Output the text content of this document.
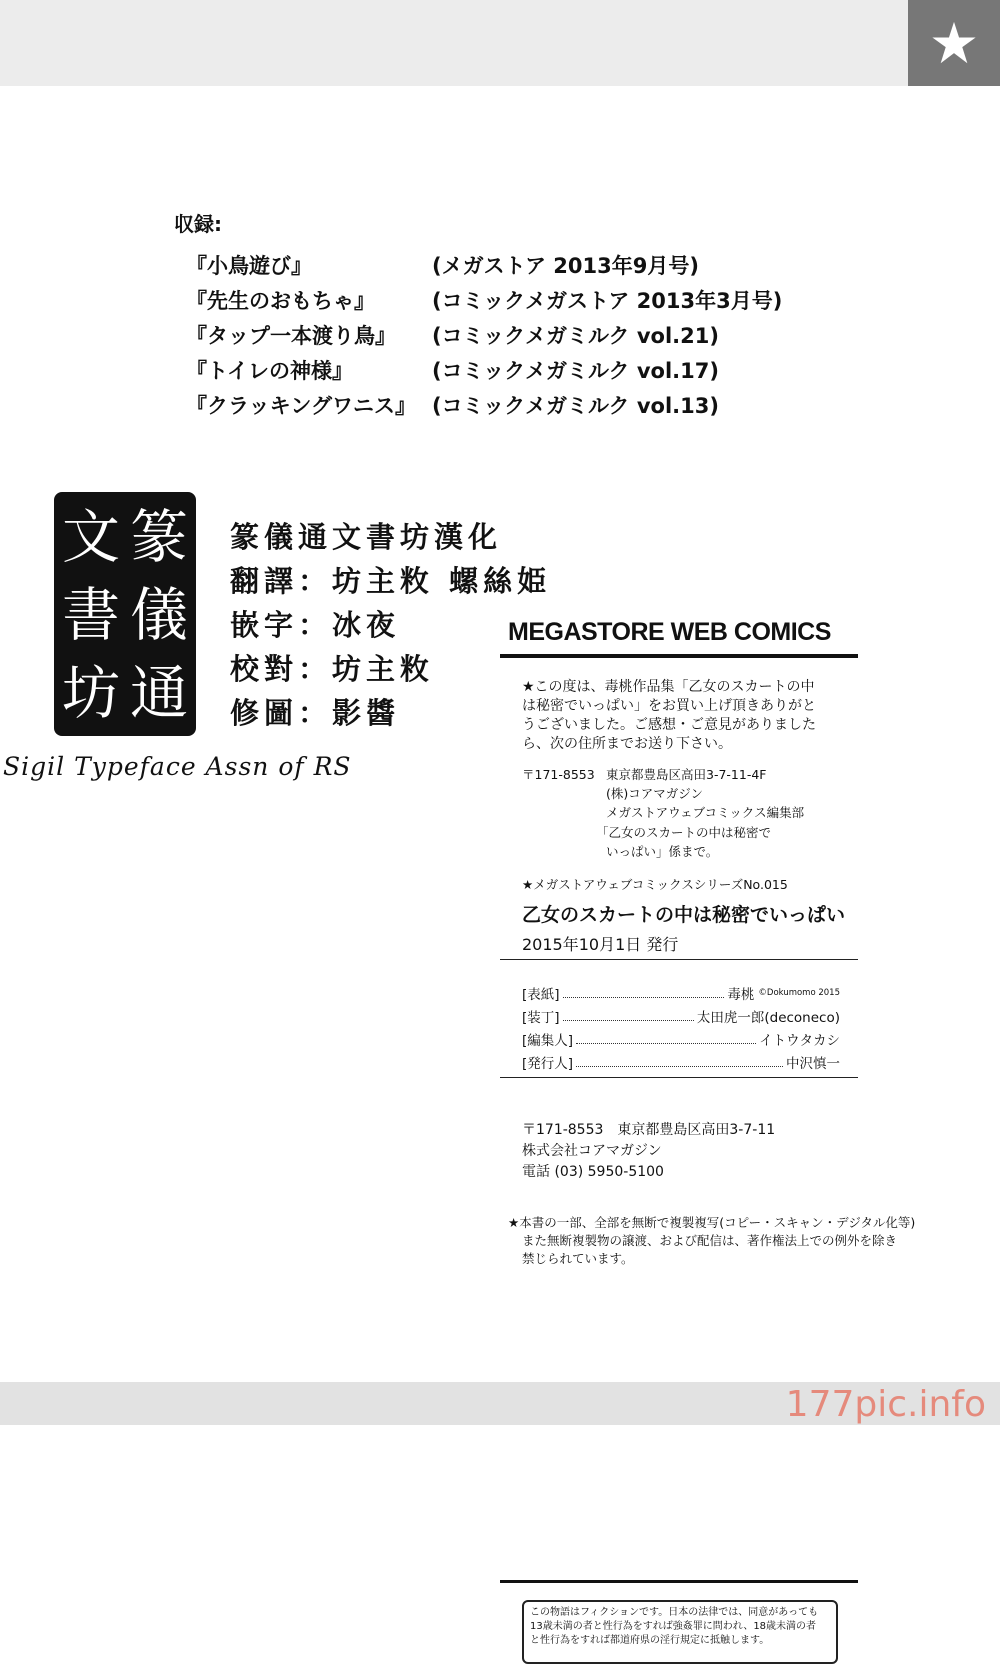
収録:
『小鳥遊び』	(メガストア 2013年9月号)
『先生のおもちゃ』	(コミックメガストア 2013年3月号)
『タップ一本渡り鳥』 (コミックメガミルク vol.21)
『トイレの神様』	(コミックメガミルク vol.17)
『クラッキングワニス』 (コミックメガミルク vol.13)
篆
儀
通
文
書
坊
Sigil Typeface Assn of RS
篆儀通文書坊漢化
翻譯：坊主敉 螺絲姫
嵌字：冰夜
校對：坊主敉
修圖：影醬
MEGASTORE WEB COMICS
★この度は、毒桃作品集「乙女のスカートの中
は秘密でいっぱい」をお買い上げ頂きありがと
うございました。ご感想・ご意見がありました
ら、次の住所までお送り下さい。
〒171-8553 東京都豊島区高田3-7-11-4F
(株)コアマガジン
メガストアウェブコミックス編集部
「乙女のスカートの中は秘密で
いっぱい」係まで。
★メガストアウェブコミックスシリーズNo.015
乙女のスカートの中は秘密でいっぱい
2015年10月1日 発行
[表紙]	毒桃 ©Dokumomo 2015
[装丁]	太田虎一郎(deconeco)
[編集人]	イトウタカシ
[発行人]	中沢慎一
〒171-8553　東京都豊島区高田3-7-11
株式会社コアマガジン
電話 (03) 5950-5100
★本書の一部、全部を無断で複製複写(コピー・スキャン・デジタル化等)
また無断複製物の譲渡、および配信は、著作権法上での例外を除き
禁じられています。
この物語はフィクションです。日本の法律では、同意があっても
13歳未満の者と性行為をすれば強姦罪に問われ、18歳未満の者
と性行為をすれば都道府県の淫行規定に抵触します。
177pic.info
